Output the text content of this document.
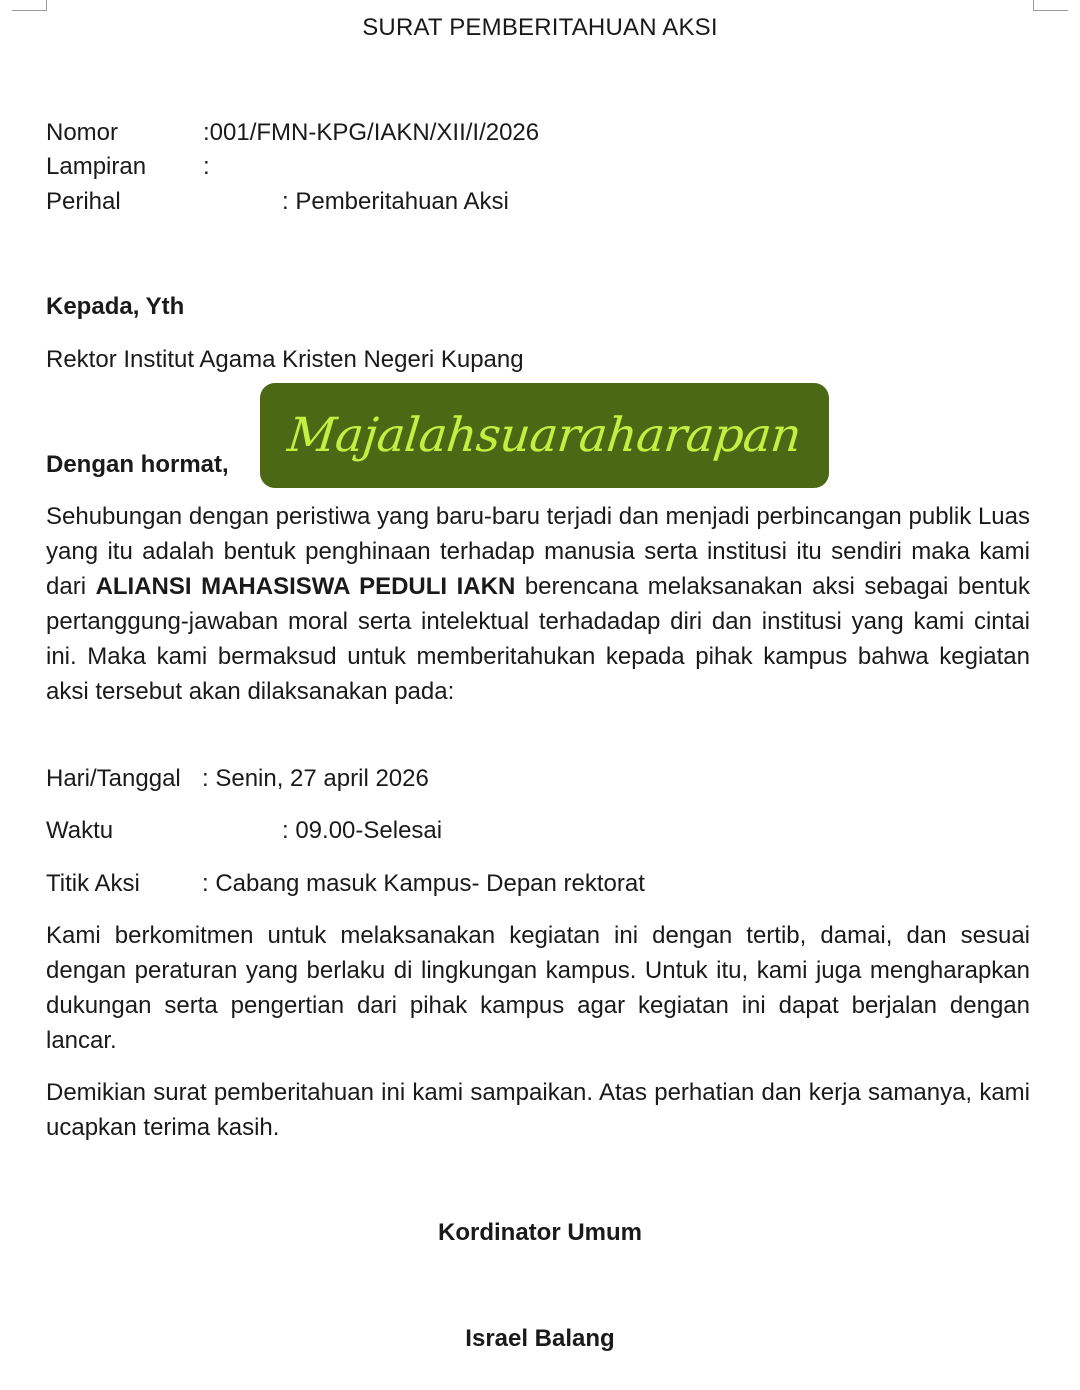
SURAT PEMBERITAHUAN AKSI
Nomor	:001/FMN-KPG/IAKN/XII/I/2026
Lampiran :
Perihal	: Pemberitahuan Aksi
Kepada, Yth
Rektor Institut Agama Kristen Negeri Kupang
Dengan hormat,
Majalahsuaraharapan
Sehubungan dengan peristiwa yang baru-baru terjadi dan menjadi perbincangan publik Luas yang itu adalah bentuk penghinaan terhadap manusia serta institusi itu sendiri maka kami dari ALIANSI MAHASISWA PEDULI IAKN berencana melaksanakan aksi sebagai bentuk pertanggung-jawaban moral serta intelektual terhadadap diri dan institusi yang kami cintai ini. Maka kami bermaksud untuk memberitahukan kepada pihak kampus bahwa kegiatan aksi tersebut akan dilaksanakan pada:
Hari/Tanggal : Senin, 27 april 2026
Waktu	: 09.00-Selesai
Titik Aksi	: Cabang masuk Kampus- Depan rektorat
Kami berkomitmen untuk melaksanakan kegiatan ini dengan tertib, damai, dan sesuai dengan peraturan yang berlaku di lingkungan kampus. Untuk itu, kami juga mengharapkan dukungan serta pengertian dari pihak kampus agar kegiatan ini dapat berjalan dengan lancar.
Demikian surat pemberitahuan ini kami sampaikan. Atas perhatian dan kerja samanya, kami ucapkan terima kasih.
Kordinator Umum
Israel Balang
